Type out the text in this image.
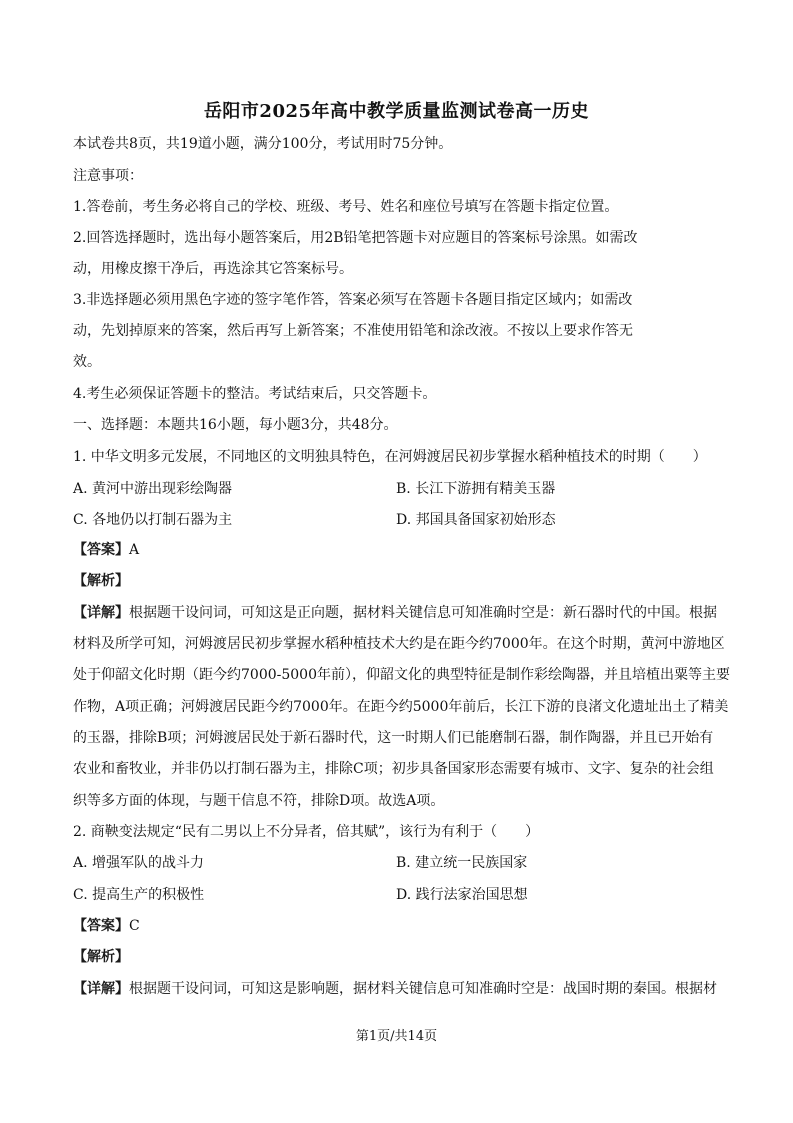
岳阳市2025年高中教学质量监测试卷高一历史
本试卷共8页，共19道小题，满分100分，考试用时75分钟。
注意事项：
1.答卷前，考生务必将自己的学校、班级、考号、姓名和座位号填写在答题卡指定位置。
2.回答选择题时，选出每小题答案后，用2B铅笔把答题卡对应题目的答案标号涂黑。如需改
动，用橡皮擦干净后，再选涂其它答案标号。
3.非选择题必须用黑色字迹的签字笔作答，答案必须写在答题卡各题目指定区域内；如需改
动，先划掉原来的答案，然后再写上新答案；不准使用铅笔和涂改液。不按以上要求作答无
效。
4.考生必须保证答题卡的整洁。考试结束后，只交答题卡。
一、选择题：本题共16小题，每小题3分，共48分。
1. 中华文明多元发展，不同地区的文明独具特色，在河姆渡居民初步掌握水稻种植技术的时期（　　）
A. 黄河中游出现彩绘陶器	B. 长江下游拥有精美玉器
C. 各地仍以打制石器为主	D. 邦国具备国家初始形态
【答案】A
【解析】
【详解】根据题干设问词，可知这是正向题，据材料关键信息可知准确时空是：新石器时代的中国。根据
材料及所学可知，河姆渡居民初步掌握水稻种植技术大约是在距今约7000年。在这个时期，黄河中游地区
处于仰韶文化时期（距今约7000-5000年前），仰韶文化的典型特征是制作彩绘陶器，并且培植出粟等主要
作物，A项正确；河姆渡居民距今约7000年。在距今约5000年前后，长江下游的良渚文化遗址出土了精美
的玉器，排除B项；河姆渡居民处于新石器时代，这一时期人们已能磨制石器，制作陶器，并且已开始有
农业和畜牧业，并非仍以打制石器为主，排除C项；初步具备国家形态需要有城市、文字、复杂的社会组
织等多方面的体现，与题干信息不符，排除D项。故选A项。
2. 商鞅变法规定“民有二男以上不分异者，倍其赋”，该行为有利于（　　）
A. 增强军队的战斗力	B. 建立统一民族国家
C. 提高生产的积极性	D. 践行法家治国思想
【答案】C
【解析】
【详解】根据题干设问词，可知这是影响题，据材料关键信息可知准确时空是：战国时期的秦国。根据材
第1页/共14页
